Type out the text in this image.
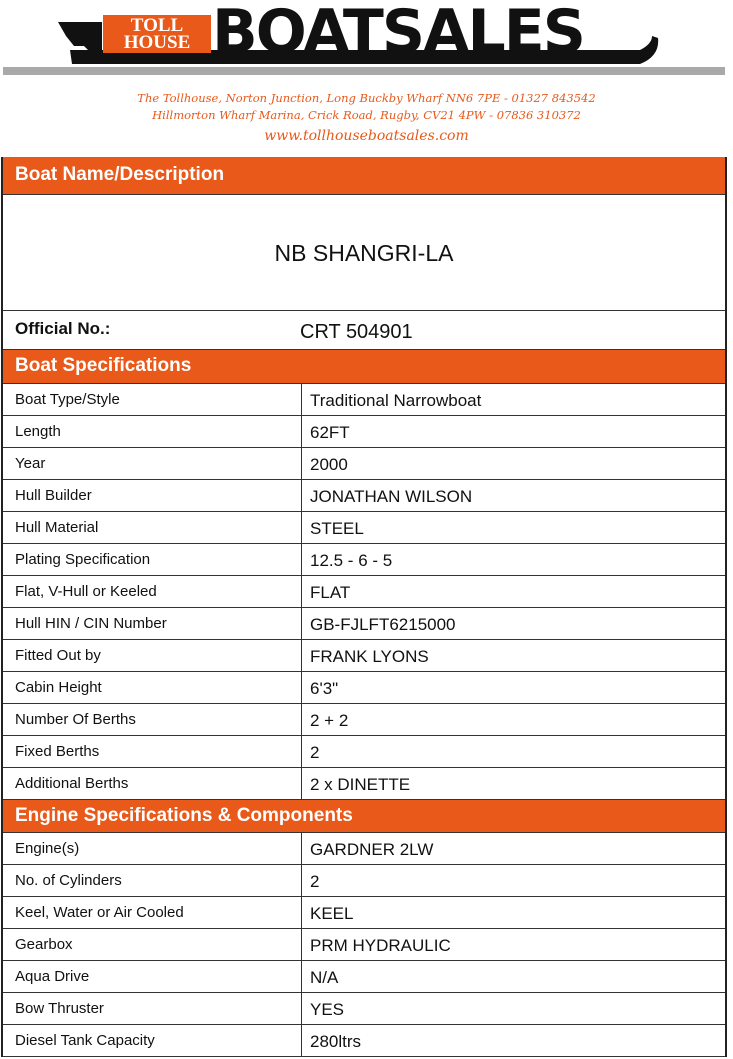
TOLL
HOUSE BOATSALES
The Tollhouse, Norton Junction, Long Buckby Wharf NN6 7PE - 01327 843542
Hillmorton Wharf Marina, Crick Road, Rugby, CV21 4PW - 07836 310372
www.tollhouseboatsales.com
Boat Name/Description
NB SHANGRI-LA
Official No.:	CRT 504901
Boat Specifications
Boat Type/Style	Traditional Narrowboat
Length	62FT
Year	2000
Hull Builder	JONATHAN WILSON
Hull Material	STEEL
Plating Specification	12.5 - 6 - 5
Flat, V-Hull or Keeled	FLAT
Hull HIN / CIN Number	GB-FJLFT6215000
Fitted Out by	FRANK LYONS
Cabin Height	6'3"
Number Of Berths	2 + 2
Fixed Berths	2
Additional Berths	2 x DINETTE
Engine Specifications & Components
Engine(s)	GARDNER 2LW
No. of Cylinders	2
Keel, Water or Air Cooled	KEEL
Gearbox	PRM HYDRAULIC
Aqua Drive	N/A
Bow Thruster	YES
Diesel Tank Capacity	280ltrs
